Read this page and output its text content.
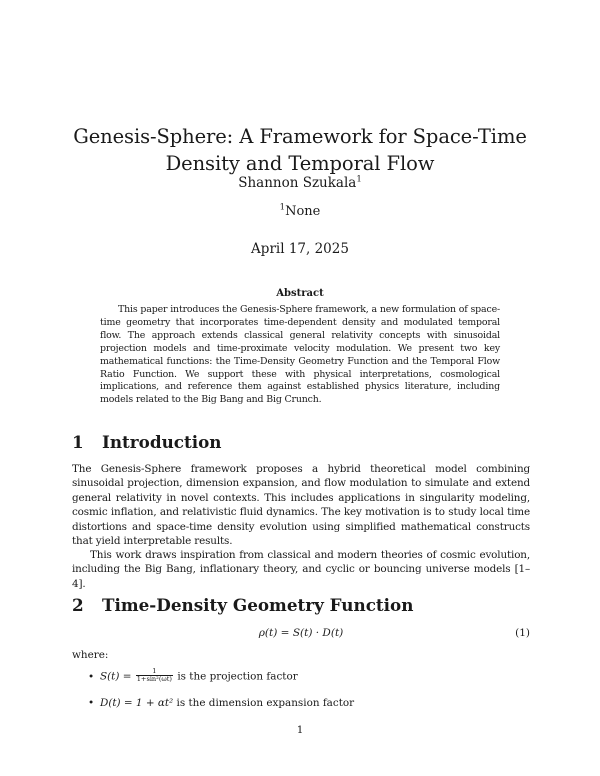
Genesis-Sphere: A Framework for Space-Time Density and Temporal Flow
Shannon Szukala$^1$
$^1$None
April 17, 2025
Abstract

This paper introduces the Genesis-Sphere framework, a new formulation of space-time geometry that incorporates time-dependent density and modulated temporal flow. The approach extends classical general relativity concepts with sinusoidal projection models and time-proximate velocity modulation. We present two key mathematical functions: the Time-Density Geometry Function and the Temporal Flow Ratio Function. We support these with physical interpretations, cosmological implications, and reference them against established physics literature, including models related to the Big Bang and Big Crunch.

1 Introduction

The Genesis-Sphere framework proposes a hybrid theoretical model combining sinusoidal projection, dimension expansion, and flow modulation to simulate and extend general relativity in novel contexts. This includes applications in singularity modeling, cosmic inflation, and relativistic fluid dynamics. The key motivation is to study local time distortions and space-time density evolution using simplified mathematical constructs that yield interpretable results.

This work draws inspiration from classical and modern theories of cosmic evolution, including the Big Bang, inflationary theory, and cyclic or bouncing universe models [1–4].

2 Time-Density Geometry Function
ρ(t) = S(t) · D(t)	(1)
where:
• $S(t) = \frac{1}{\text{1+sin²(ωt)}}$ is the projection factor
• D(t) = 1 + αt² is the dimension expansion factor
1
